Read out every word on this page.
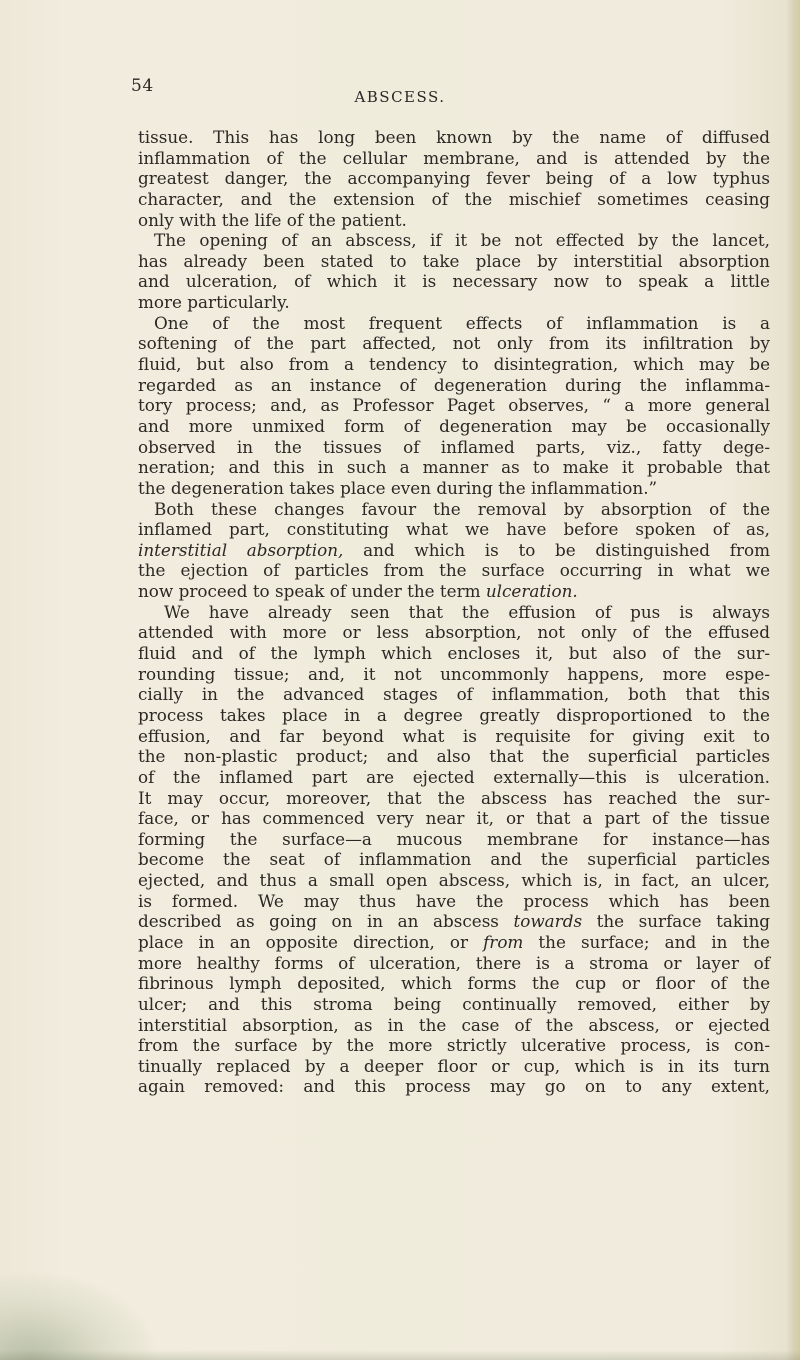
54
ABSCESS.
tissue. This has long been known by the name of diffused
inflammation of the cellular membrane, and is attended by the
greatest danger, the accompanying fever being of a low typhus
character, and the extension of the mischief sometimes ceasing
only with the life of the patient.
The opening of an abscess, if it be not effected by the lancet,
has already been stated to take place by interstitial absorption
and ulceration, of which it is necessary now to speak a little
more particularly.
One of the most frequent effects of inflammation is a
softening of the part affected, not only from its infiltration by
fluid, but also from a tendency to disintegration, which may be
regarded as an instance of degeneration during the inflamma-
tory process; and, as Professor Paget observes, “ a more general
and more unmixed form of degeneration may be occasionally
observed in the tissues of inflamed parts, viz., fatty dege-
neration; and this in such a manner as to make it probable that
the degeneration takes place even during the inflammation.”
Both these changes favour the removal by absorption of the
inflamed part, constituting what we have before spoken of as,
interstitial absorption, and which is to be distinguished from
the ejection of particles from the surface occurring in what we
now proceed to speak of under the term ulceration.
We have already seen that the effusion of pus is always
attended with more or less absorption, not only of the effused
fluid and of the lymph which encloses it, but also of the sur-
rounding tissue; and, it not uncommonly happens, more espe-
cially in the advanced stages of inflammation, both that this
process takes place in a degree greatly disproportioned to the
effusion, and far beyond what is requisite for giving exit to
the non-plastic product; and also that the superficial particles
of the inflamed part are ejected externally—this is ulceration.
It may occur, moreover, that the abscess has reached the sur-
face, or has commenced very near it, or that a part of the tissue
forming the surface—a mucous membrane for instance—has
become the seat of inflammation and the superficial particles
ejected, and thus a small open abscess, which is, in fact, an ulcer,
is formed. We may thus have the process which has been
described as going on in an abscess towards the surface taking
place in an opposite direction, or from the surface; and in the
more healthy forms of ulceration, there is a stroma or layer of
fibrinous lymph deposited, which forms the cup or floor of the
ulcer; and this stroma being continually removed, either by
interstitial absorption, as in the case of the abscess, or ejected
from the surface by the more strictly ulcerative process, is con-
tinually replaced by a deeper floor or cup, which is in its turn
again removed: and this process may go on to any extent,
